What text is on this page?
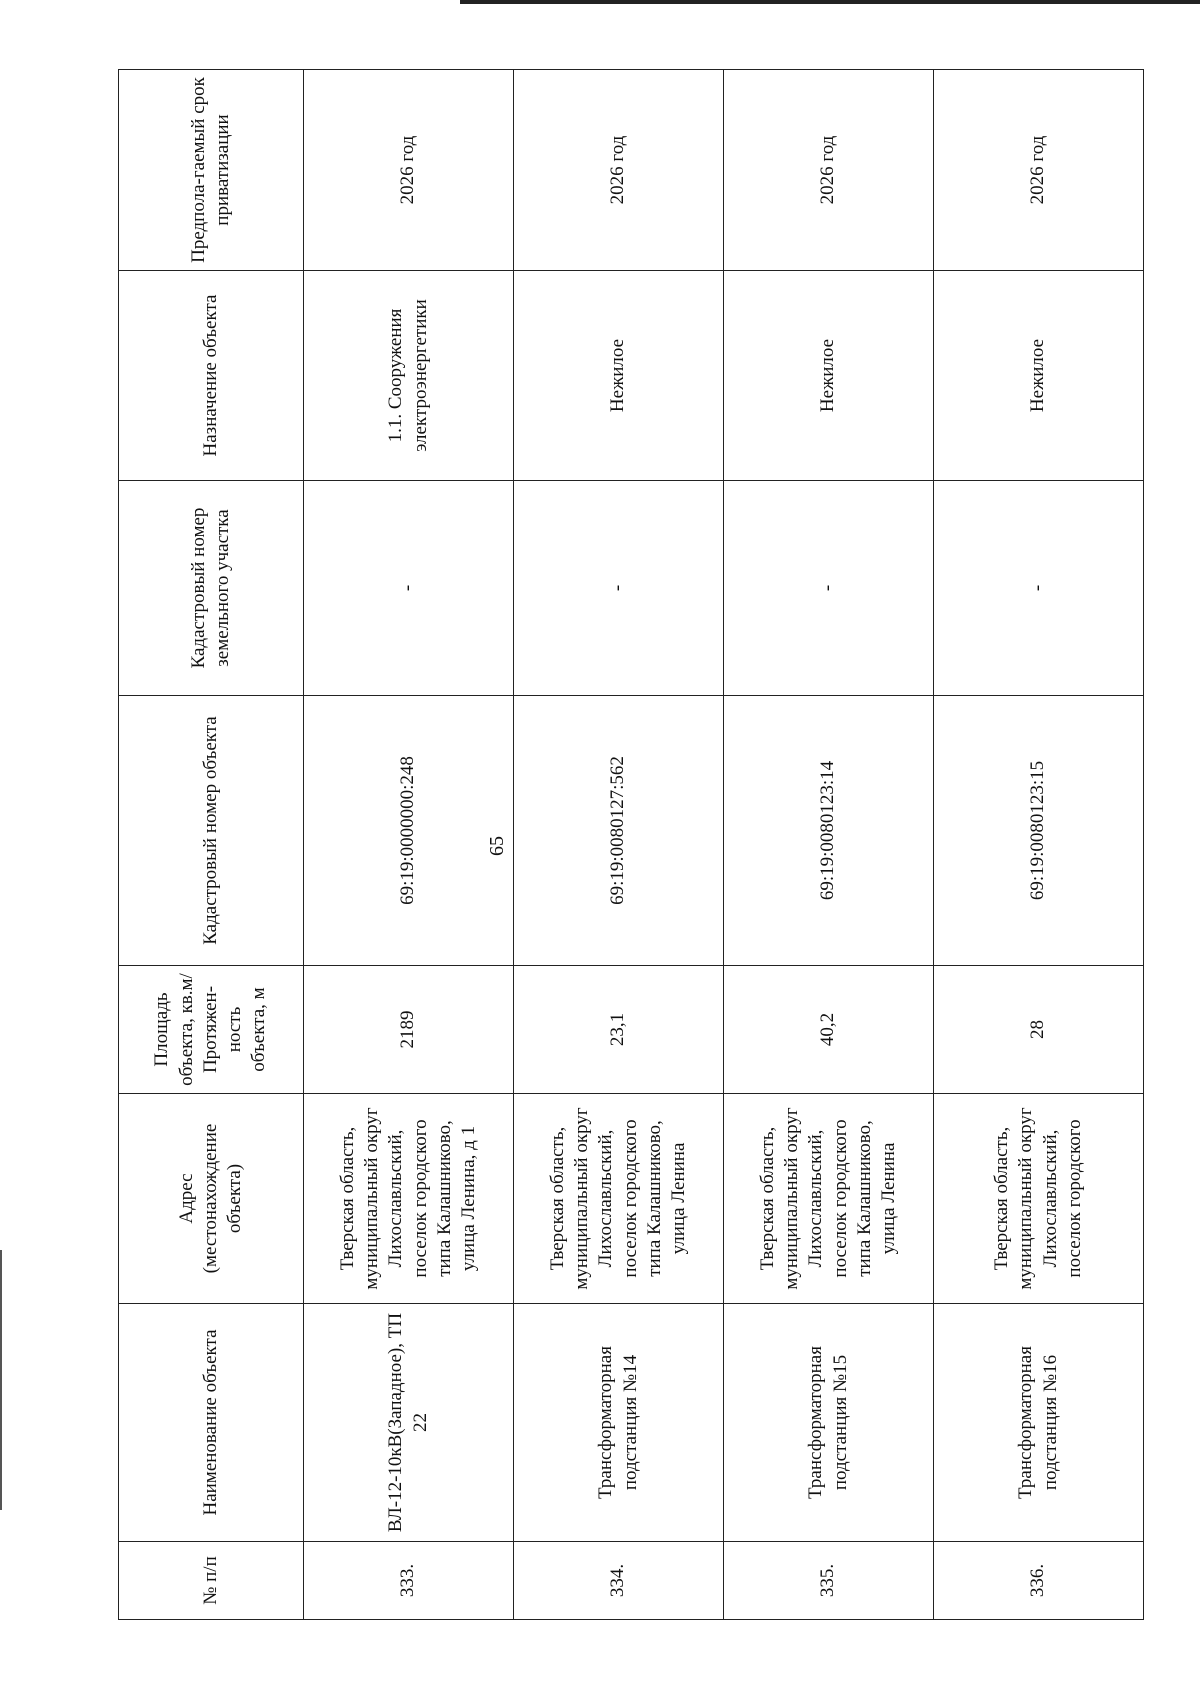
65
№ п/п	Наименование объекта	Адрес (местонахождение объекта)	Площадь объекта, кв.м/ Протяжен-ность объекта, м	Кадастровый номер объекта	Кадастровый номер земельного участка	Назначение объекта	Предпола-гаемый срок приватизации
333.	ВЛ-12-10кВ(Западное), ТП 22	Тверская область, муниципальный округ Лихославльский, поселок городского типа Калашниково, улица Ленина, д 1	2189	69:19:0000000:248	-	1.1. Сооружения электроэнергетики	2026 год
334.	Трансформаторная подстанция №14	Тверская область, муниципальный округ Лихославльский, поселок городского типа Калашниково, улица Ленина	23,1	69:19:0080127:562	-	Нежилое	2026 год
335.	Трансформаторная подстанция №15	Тверская область, муниципальный округ Лихославльский, поселок городского типа Калашниково, улица Ленина	40,2	69:19:0080123:14	-	Нежилое	2026 год
336.	Трансформаторная подстанция №16	Тверская область, муниципальный округ Лихославльский, поселок городского	28	69:19:0080123:15	-	Нежилое	2026 год
